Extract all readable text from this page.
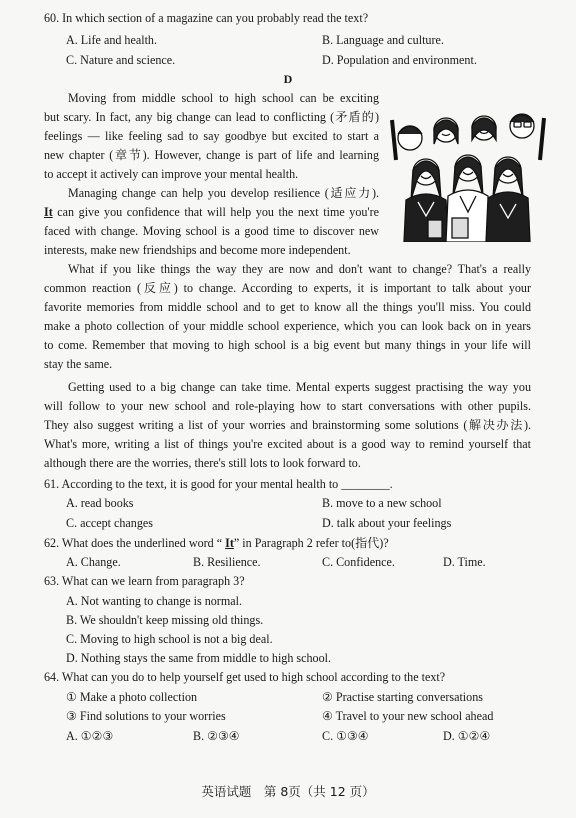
60. In which section of a magazine can you probably read the text?
A. Life and health.	B. Language and culture.
C. Nature and science.	D. Population and environment.
D
Moving from middle school to high school can be exciting
but scary. In fact, any big change can lead to conflicting (矛盾的)
feelings — like feeling sad to say goodbye but excited to start a
new chapter (章节). However, change is part of life and learning
to accept it actively can improve your mental health.
Managing change can help you develop resilience (适应力).
It can give you confidence that will help you the next time you're
faced with change. Moving school is a good time to discover new
interests, make new friendships and become more independent.
What if you like things the way they are now and don't want to change? That's a really
common reaction (反应) to change. According to experts, it is important to talk about your
favorite memories from middle school and to get to know all the things you'll miss. You could
make a photo collection of your middle school experience, which you can look back on in years
to come. Remember that moving to high school is a big event but many things in your life will
stay the same.
Getting used to a big change can take time. Mental experts suggest practising the way you
will follow to your new school and role-playing how to start conversations with other pupils.
They also suggest writing a list of your worries and brainstorming some solutions (解决办法).
What's more, writing a list of things you're excited about is a good way to remind yourself that
although there are the worries, there's still lots to look forward to.
61. According to the text, it is good for your mental health to ________.
A. read books	B. move to a new school
C. accept changes	D. talk about your feelings
62. What does the underlined word “ It” in Paragraph 2 refer to(指代)?
A. Change.	B. Resilience.	C. Confidence.	D. Time.
63. What can we learn from paragraph 3?
A. Not wanting to change is normal.
B. We shouldn't keep missing old things.
C. Moving to high school is not a big deal.
D. Nothing stays the same from middle to high school.
64. What can you do to help yourself get used to high school according to the text?
① Make a photo collection	② Practise starting conversations
③ Find solutions to your worries	④ Travel to your new school ahead
A. ①②③	B. ②③④	C. ①③④	D. ①②④
英语试题　第 8页（共 12 页）
